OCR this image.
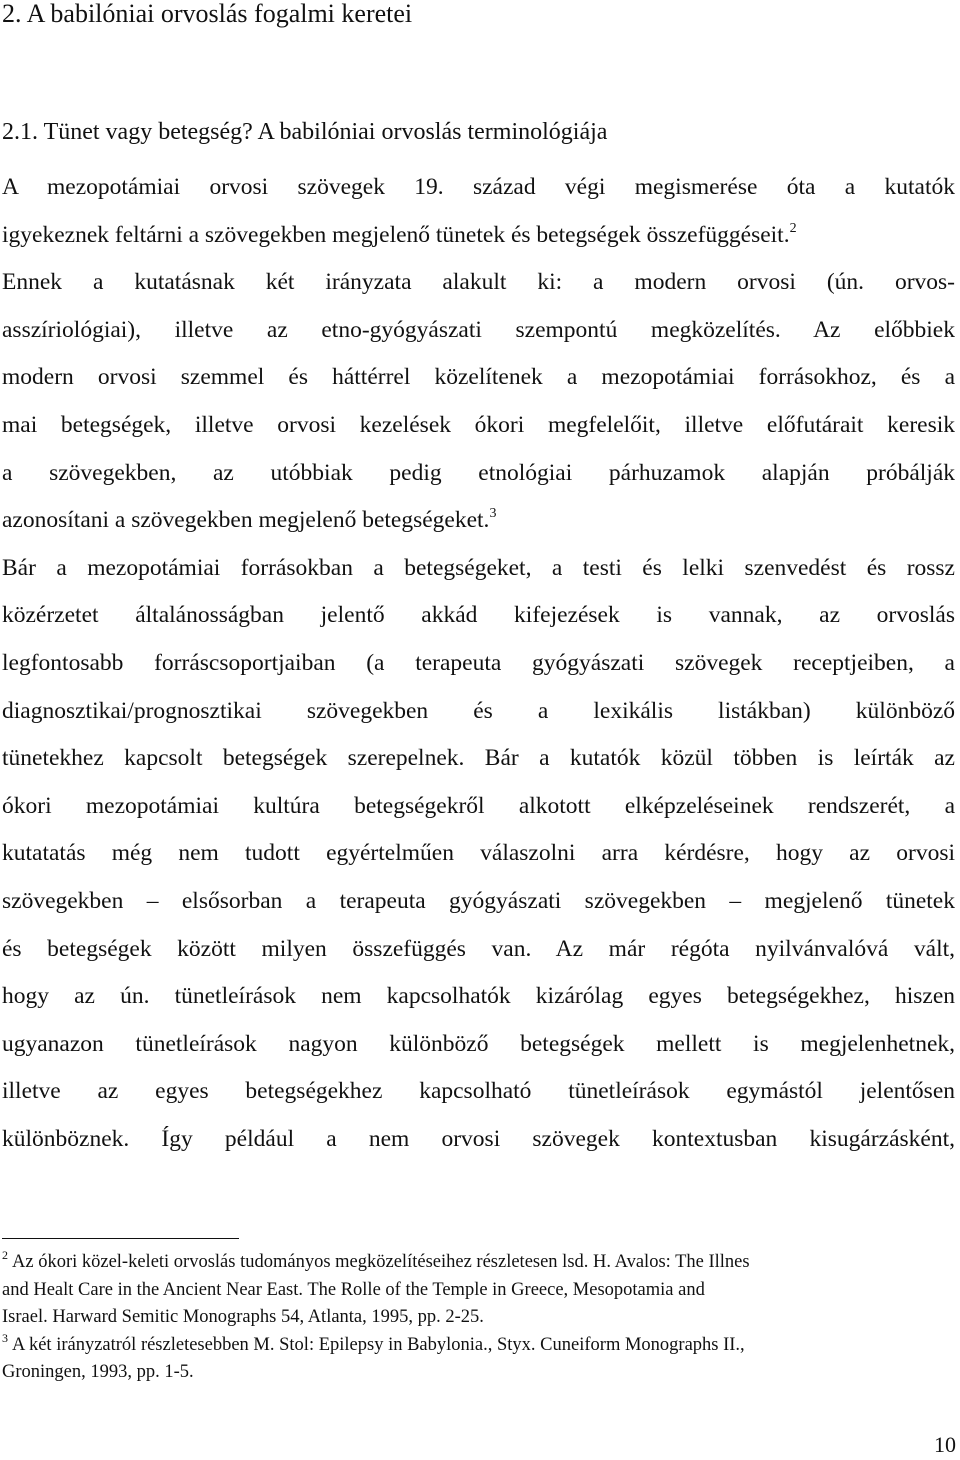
2. A babilóniai orvoslás fogalmi keretei
2.1. Tünet vagy betegség? A babilóniai orvoslás terminológiája
A mezopotámiai orvosi szövegek 19. század végi megismerése óta a kutatók
igyekeznek feltárni a szövegekben megjelenő tünetek és betegségek összefüggéseit.$^2$
Ennek a kutatásnak két irányzata alakult ki: a modern orvosi (ún. orvos-
asszíriológiai), illetve az etno-gyógyászati szempontú megközelítés. Az előbbiek
modern orvosi szemmel és háttérrel közelítenek a mezopotámiai forrásokhoz, és a
mai betegségek, illetve orvosi kezelések ókori megfelelőit, illetve előfutárait keresik
a szövegekben, az utóbbiak pedig etnológiai párhuzamok alapján próbálják
azonosítani a szövegekben megjelenő betegségeket.$^3$
Bár a mezopotámiai forrásokban a betegségeket, a testi és lelki szenvedést és rossz
közérzetet általánosságban jelentő akkád kifejezések is vannak, az orvoslás
legfontosabb forráscsoportjaiban (a terapeuta gyógyászati szövegek receptjeiben, a
diagnosztikai/prognosztikai szövegekben és a lexikális listákban) különböző
tünetekhez kapcsolt betegségek szerepelnek. Bár a kutatók közül többen is leírták az
ókori mezopotámiai kultúra betegségekről alkotott elképzeléseinek rendszerét, a
kutatatás még nem tudott egyértelműen válaszolni arra kérdésre, hogy az orvosi
szövegekben – elsősorban a terapeuta gyógyászati szövegekben – megjelenő tünetek
és betegségek között milyen összefüggés van. Az már régóta nyilvánvalóvá vált,
hogy az ún. tünetleírások nem kapcsolhatók kizárólag egyes betegségekhez, hiszen
ugyanazon tünetleírások nagyon különböző betegségek mellett is megjelenhetnek,
illetve az egyes betegségekhez kapcsolható tünetleírások egymástól jelentősen
különböznek. Így például a nem orvosi szövegek kontextusban kisugárzásként,
$^2$ Az ókori közel-keleti orvoslás tudományos megközelítéseihez részletesen lsd. H. Avalos: The Illnes
and Healt Care in the Ancient Near East. The Rolle of the Temple in Greece, Mesopotamia and
Israel. Harward Semitic Monographs 54, Atlanta, 1995, pp. 2-25.
$^3$ A két irányzatról részletesebben M. Stol: Epilepsy in Babylonia., Styx. Cuneiform Monographs II.,
Groningen, 1993, pp. 1-5.
10
